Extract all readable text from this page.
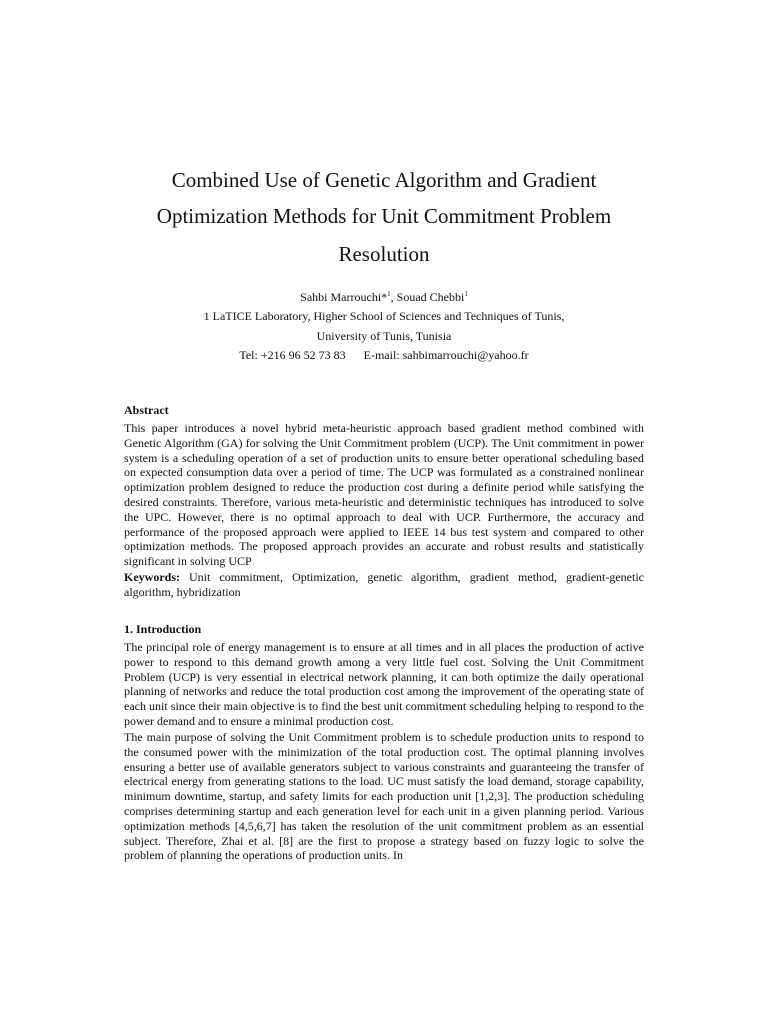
Combined Use of Genetic Algorithm and Gradient
Optimization Methods for Unit Commitment Problem
Resolution

Sahbi Marrouchi*$^1$, Souad Chebbi$^1$

1 LaTICE Laboratory, Higher School of Sciences and Techniques of Tunis,

University of Tunis, Tunisia

Tel: +216 96 52 73 83 E-mail: sahbimarrouchi@yahoo.fr

Abstract

This paper introduces a novel hybrid meta-heuristic approach based gradient method combined with Genetic Algorithm (GA) for solving the Unit Commitment problem (UCP). The Unit commitment in power system is a scheduling operation of a set of production units to ensure better operational scheduling based on expected consumption data over a period of time. The UCP was formulated as a constrained nonlinear optimization problem designed to reduce the production cost during a definite period while satisfying the desired constraints. Therefore, various meta-heuristic and deterministic techniques has introduced to solve the UPC. However, there is no optimal approach to deal with UCP. Furthermore, the accuracy and performance of the proposed approach were applied to IEEE 14 bus test system and compared to other optimization methods. The proposed approach provides an accurate and robust results and statistically significant in solving UCP

Keywords: Unit commitment, Optimization, genetic algorithm, gradient method, gradient-genetic algorithm, hybridization

1. Introduction

The principal role of energy management is to ensure at all times and in all places the production of active power to respond to this demand growth among a very little fuel cost. Solving the Unit Commitment Problem (UCP) is very essential in electrical network planning, it can both optimize the daily operational planning of networks and reduce the total production cost among the improvement of the operating state of each unit since their main objective is to find the best unit commitment scheduling helping to respond to the power demand and to ensure a minimal production cost.

The main purpose of solving the Unit Commitment problem is to schedule production units to respond to the consumed power with the minimization of the total production cost. The optimal planning involves ensuring a better use of available generators subject to various constraints and guaranteeing the transfer of electrical energy from generating stations to the load. UC must satisfy the load demand, storage capability, minimum downtime, startup, and safety limits for each production unit [1,2,3]. The production scheduling comprises determining startup and each generation level for each unit in a given planning period. Various optimization methods [4,5,6,7] has taken the resolution of the unit commitment problem as an essential subject. Therefore, Zhai et al. [8] are the first to propose a strategy based on fuzzy logic to solve the problem of planning the operations of production units. In
